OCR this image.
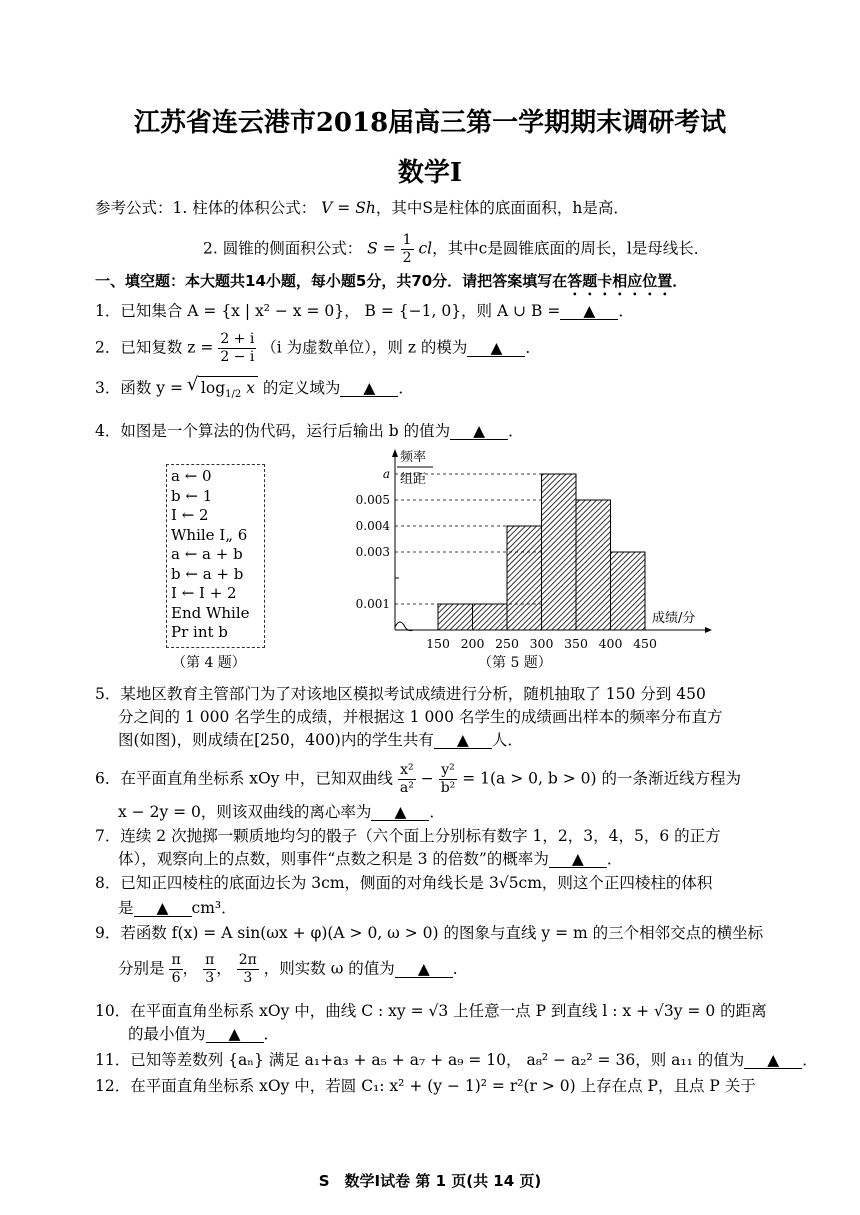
江苏省连云港市2018届高三第一学期期末调研考试
数学Ⅰ
参考公式：1. 柱体的体积公式： V = Sh，其中S是柱体的底面面积，h是高．
2. 圆锥的侧面积公式： $S = \frac{1}{2}$ cl，其中c是圆锥底面的周长，l是母线长．
一、填空题：本大题共14小题，每小题5分，共70分．请把答案填写在答题卡相应位置．
1．已知集合 A = {x | x² − x = 0}， B = {−1, 0}，则 A ∪ B = ▲ ．
2．已知复数 $z = \frac{2 + i}{2 - i} (i$ 为虚数单位），则 z 的模为 ▲ ．
3．函数 y = √ $\log_{1/2} x$ 的定义域为 ▲ ．
4．如图是一个算法的伪代码，运行后输出 b 的值为 ▲ ．
a ← 0
b ← 1
I ← 2
While I„ 6
a ← a + b
b ← a + b
I ← I + 2
End While
Pr int b
（第 4 题）
0.001
0.003
0.004
0.005
a
150 200 250 300 350 400 450
频率
组距
成绩/分
（第 5 题）
5．某地区教育主管部门为了对该地区模拟考试成绩进行分析，随机抽取了 150 分到 450
分之间的 1 000 名学生的成绩，并根据这 1 000 名学生的成绩画出样本的频率分布直方
图(如图)，则成绩在[250，400)内的学生共有 ▲ 人．
6．在平面直角坐标系 xOy 中，已知双曲线 $\frac{\text{x²}}{\text{a²}} - \frac{\text{y²}}{\text{b²}} = 1(a > 0$, b > 0) 的一条渐近线方程为
x − 2y = 0，则该双曲线的离心率为 ▲ ．
7．连续 2 次抛掷一颗质地均匀的骰子（六个面上分别标有数字 1，2，3，4，5，6 的正方
体），观察向上的点数，则事件“点数之积是 3 的倍数”的概率为 ▲ ．
8．已知正四棱柱的底面边长为 3cm，侧面的对角线长是 3√5cm，则这个正四棱柱的体积
是 ▲ cm³．
9．若函数 f(x) = A sin(ωx + φ)(A > 0, ω > 0) 的图象与直线 y = m 的三个相邻交点的横坐标
分别是 $\frac{\pi}{6}$ ， $\frac{\pi}{3}$ ， $\frac{2\pi}{3}$ ，则实数 ω 的值为 ▲ ．
10．在平面直角坐标系 xOy 中，曲线 C : xy = √3 上任意一点 P 到直线 l : x + √3y = 0 的距离
的最小值为 ▲ ．
11．已知等差数列 {aₙ} 满足 a₁+a₃ + a₅ + a₇ + a₉ = 10， a₈² − a₂² = 36，则 a₁₁ 的值为 ▲ ．
12．在平面直角坐标系 xOy 中，若圆 C₁: x² + (y − 1)² = r²(r > 0) 上存在点 P，且点 P 关于
S　数学Ⅰ试卷 第 1 页(共 14 页)
